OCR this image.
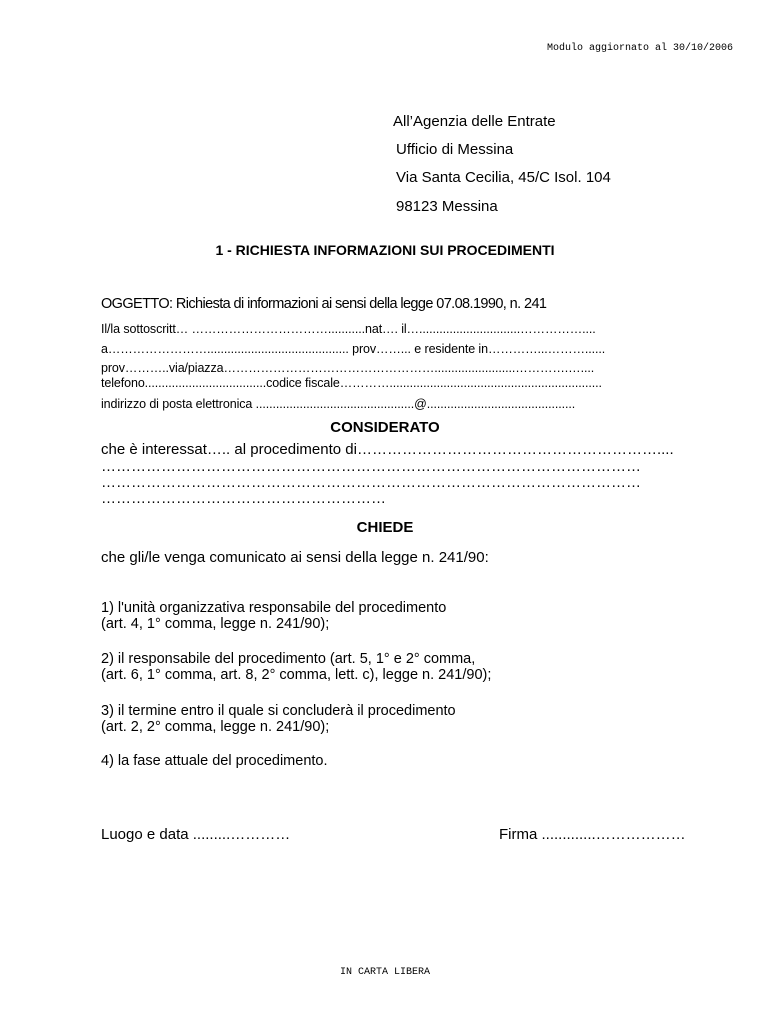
Modulo aggiornato al 30/10/2006
All’Agenzia delle Entrate
Ufficio di Messina
Via Santa Cecilia, 45/C Isol. 104
98123 Messina
1 - RICHIESTA INFORMAZIONI SUI PROCEDIMENTI
OGGETTO: Richiesta di informazioni ai sensi della legge 07.08.1990, n. 241
Il/la sottoscritt… ……………………………...........nat…. il…..............................……………....
a…………………….......................................... prov……... e residente in…………...………......
prov………..via/piazza……………………………………………........................………….…....
telefono....................................codice fiscale…………...............................................................
indirizzo di posta elettronica ...............................................@............................................
CONSIDERATO
che è interessat….. al procedimento di……………………………………………………....
………………………………………………………………………………………………
………………………………………………………………………………………………
…………………………………………………
CHIEDE
che gli/le venga comunicato ai sensi della legge n. 241/90:
1) l'unità organizzativa responsabile del procedimento
(art. 4, 1° comma, legge n. 241/90);
2) il responsabile del procedimento (art. 5, 1° e 2° comma,
(art. 6, 1° comma, art. 8, 2° comma, lett. c), legge n. 241/90);
3) il termine entro il quale si concluderà il procedimento
(art. 2, 2° comma, legge n. 241/90);
4) la fase attuale del procedimento.
Luogo e data .........…………	Firma .............………………
IN CARTA LIBERA
